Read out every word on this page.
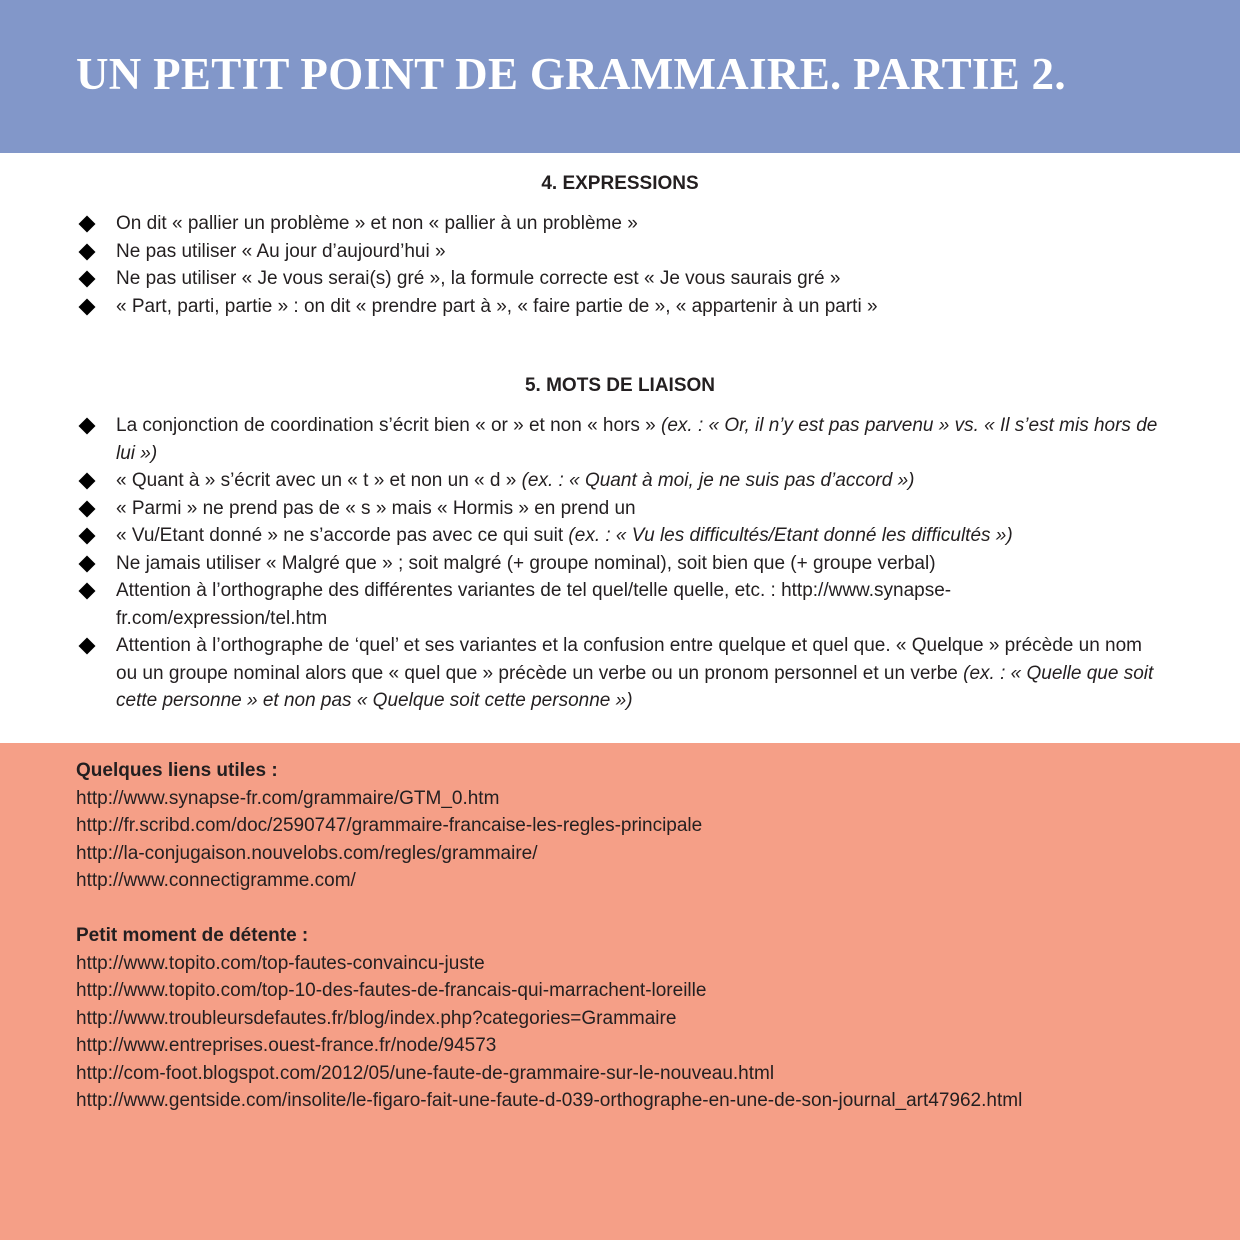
UN PETIT POINT DE GRAMMAIRE. PARTIE 2.
4. EXPRESSIONS
On dit « pallier un problème » et non « pallier à un problème »
Ne pas utiliser « Au jour d’aujourd’hui »
Ne pas utiliser « Je vous serai(s) gré », la formule correcte est « Je vous saurais gré »
« Part, parti, partie » : on dit « prendre part à », « faire partie de », « appartenir à un parti »
5. MOTS DE LIAISON
La conjonction de coordination s’écrit bien « or » et non « hors » (ex. : « Or, il n’y est pas parvenu » vs. « Il s’est mis hors de lui »)
« Quant à » s’écrit avec un « t » et non un « d » (ex. : « Quant à moi, je ne suis pas d’accord »)
« Parmi » ne prend pas de « s » mais « Hormis » en prend un
« Vu/Etant donné » ne s’accorde pas avec ce qui suit (ex. : « Vu les difficultés/Etant donné les difficultés »)
Ne jamais utiliser « Malgré que » ; soit malgré (+ groupe nominal), soit bien que (+ groupe verbal)
Attention à l’orthographe des différentes variantes de tel quel/telle quelle, etc. : http://www.synapse-fr.com/expression/tel.htm
Attention à l’orthographe de ‘quel’ et ses variantes et la confusion entre quelque et quel que. « Quelque » précède un nom ou un groupe nominal alors que « quel que » précède un verbe ou un pronom personnel et un verbe (ex. : « Quelle que soit cette personne » et non pas « Quelque soit cette personne »)
Quelques liens utiles :
http://www.synapse-fr.com/grammaire/GTM_0.htm
http://fr.scribd.com/doc/2590747/grammaire-francaise-les-regles-principale
http://la-conjugaison.nouvelobs.com/regles/grammaire/
http://www.connectigramme.com/
Petit moment de détente :
http://www.topito.com/top-fautes-convaincu-juste
http://www.topito.com/top-10-des-fautes-de-francais-qui-marrachent-loreille
http://www.troubleursdefautes.fr/blog/index.php?categories=Grammaire
http://www.entreprises.ouest-france.fr/node/94573
http://com-foot.blogspot.com/2012/05/une-faute-de-grammaire-sur-le-nouveau.html
http://www.gentside.com/insolite/le-figaro-fait-une-faute-d-039-orthographe-en-une-de-son-journal_art47962.html
